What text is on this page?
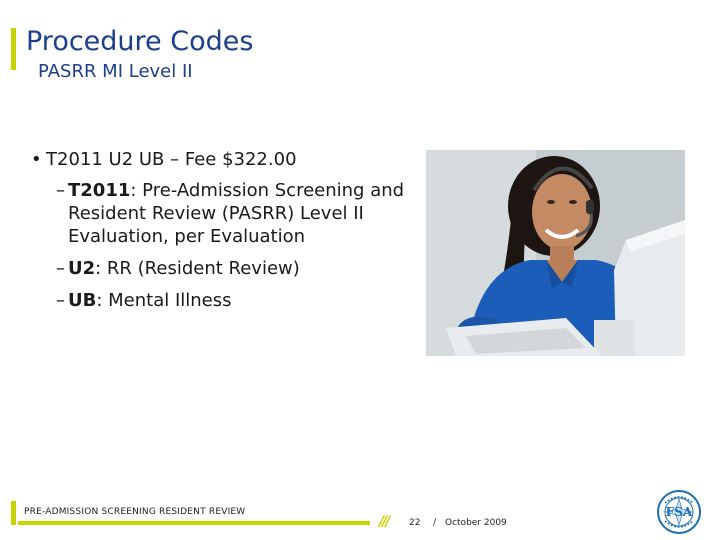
Procedure Codes
PASRR MI Level II
• T2011 U2 UB – Fee $322.00
– T2011: Pre-Admission Screening and Resident Review (PASRR) Level II Evaluation, per Evaluation
– U2: RR (Resident Review)
– UB: Mental Illness
PRE-ADMISSION SCREENING RESIDENT REVIEW
/// 22 / October 2009
FSA
